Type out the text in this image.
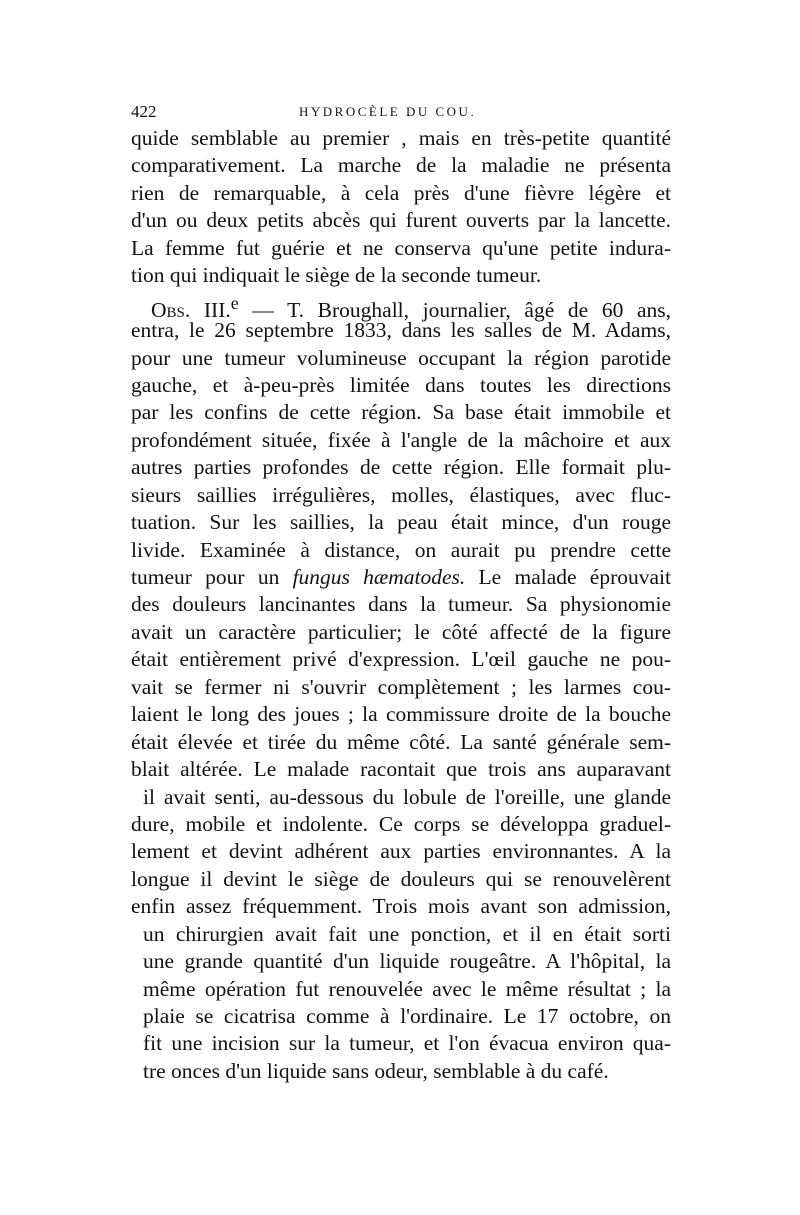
422	HYDROCÈLE DU COU.
quide semblable au premier , mais en très-petite quantité
comparativement. La marche de la maladie ne présenta
rien de remarquable, à cela près d'une fièvre légère et
d'un ou deux petits abcès qui furent ouverts par la lancette.
La femme fut guérie et ne conserva qu'une petite indura-
tion qui indiquait le siège de la seconde tumeur.
Obs. III.$^e$ — T. Broughall, journalier, âgé de 60 ans,
entra, le 26 septembre 1833, dans les salles de M. Adams,
pour une tumeur volumineuse occupant la région parotide
gauche, et à-peu-près limitée dans toutes les directions
par les confins de cette région. Sa base était immobile et
profondément située, fixée à l'angle de la mâchoire et aux
autres parties profondes de cette région. Elle formait plu-
sieurs saillies irrégulières, molles, élastiques, avec fluc-
tuation. Sur les saillies, la peau était mince, d'un rouge
livide. Examinée à distance, on aurait pu prendre cette
tumeur pour un fungus hæmatodes. Le malade éprouvait
des douleurs lancinantes dans la tumeur. Sa physionomie
avait un caractère particulier; le côté affecté de la figure
était entièrement privé d'expression. L'œil gauche ne pou-
vait se fermer ni s'ouvrir complètement ; les larmes cou-
laient le long des joues ; la commissure droite de la bouche
était élevée et tirée du même côté. La santé générale sem-
blait altérée. Le malade racontait que trois ans auparavant
il avait senti, au-dessous du lobule de l'oreille, une glande
dure, mobile et indolente. Ce corps se développa graduel-
lement et devint adhérent aux parties environnantes. A la
longue il devint le siège de douleurs qui se renouvelèrent
enfin assez fréquemment. Trois mois avant son admission,
un chirurgien avait fait une ponction, et il en était sorti
une grande quantité d'un liquide rougeâtre. A l'hôpital, la
même opération fut renouvelée avec le même résultat ; la
plaie se cicatrisa comme à l'ordinaire. Le 17 octobre, on
fit une incision sur la tumeur, et l'on évacua environ qua-
tre onces d'un liquide sans odeur, semblable à du café.
